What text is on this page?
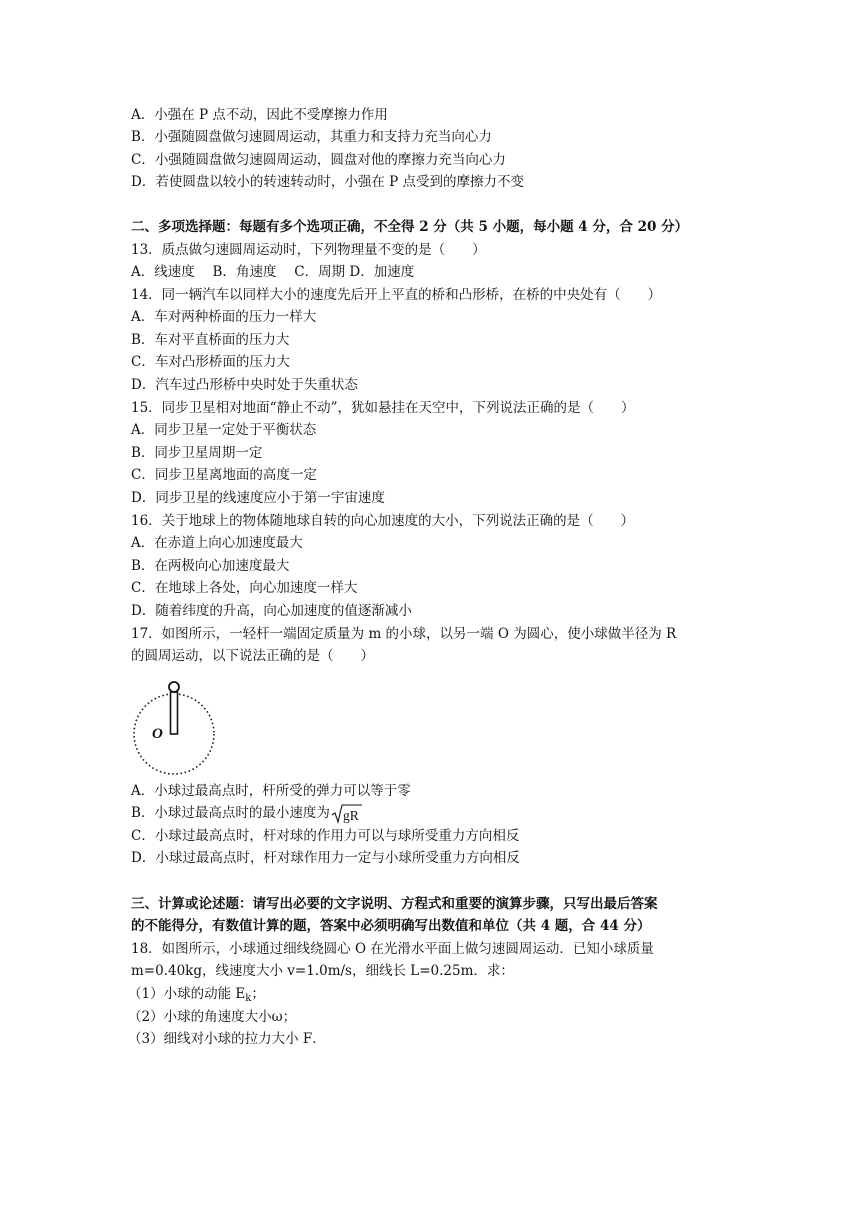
A．小强在 P 点不动，因此不受摩擦力作用
B．小强随圆盘做匀速圆周运动，其重力和支持力充当向心力
C．小强随圆盘做匀速圆周运动，圆盘对他的摩擦力充当向心力
D．若使圆盘以较小的转速转动时，小强在 P 点受到的摩擦力不变
二、多项选择题：每题有多个选项正确，不全得 2 分（共 5 小题，每小题 4 分，合 20 分）
13．质点做匀速圆周运动时，下列物理量不变的是（　　）
A．线速度　 B．角速度　 C．周期 D．加速度
14．同一辆汽车以同样大小的速度先后开上平直的桥和凸形桥，在桥的中央处有（　　）
A．车对两种桥面的压力一样大
B．车对平直桥面的压力大
C．车对凸形桥面的压力大
D．汽车过凸形桥中央时处于失重状态
15．同步卫星相对地面“静止不动”，犹如悬挂在天空中，下列说法正确的是（　　）
A．同步卫星一定处于平衡状态
B．同步卫星周期一定
C．同步卫星离地面的高度一定
D．同步卫星的线速度应小于第一宇宙速度
16．关于地球上的物体随地球自转的向心加速度的大小，下列说法正确的是（　　）
A．在赤道上向心加速度最大
B．在两极向心加速度最大
C．在地球上各处，向心加速度一样大
D．随着纬度的升高，向心加速度的值逐渐减小
17．如图所示，一轻杆一端固定质量为 m 的小球，以另一端 O 为圆心，使小球做半径为 R
的圆周运动，以下说法正确的是（　　）
O
A．小球过最高点时，杆所受的弹力可以等于零
B．小球过最高点时的最小速度为 gR
C．小球过最高点时，杆对球的作用力可以与球所受重力方向相反
D．小球过最高点时，杆对球作用力一定与小球所受重力方向相反
三、计算或论述题：请写出必要的文字说明、方程式和重要的演算步骤，只写出最后答案
的不能得分，有数值计算的题，答案中必须明确写出数值和单位（共 4 题，合 44 分）
18．如图所示，小球通过细线绕圆心 O 在光滑水平面上做匀速圆周运动．已知小球质量
m=0.40kg，线速度大小 v=1.0m/s，细线长 L=0.25m．求：
（1）小球的动能 $E_k$；
（2）小球的角速度大小ω；
（3）细线对小球的拉力大小 F．
